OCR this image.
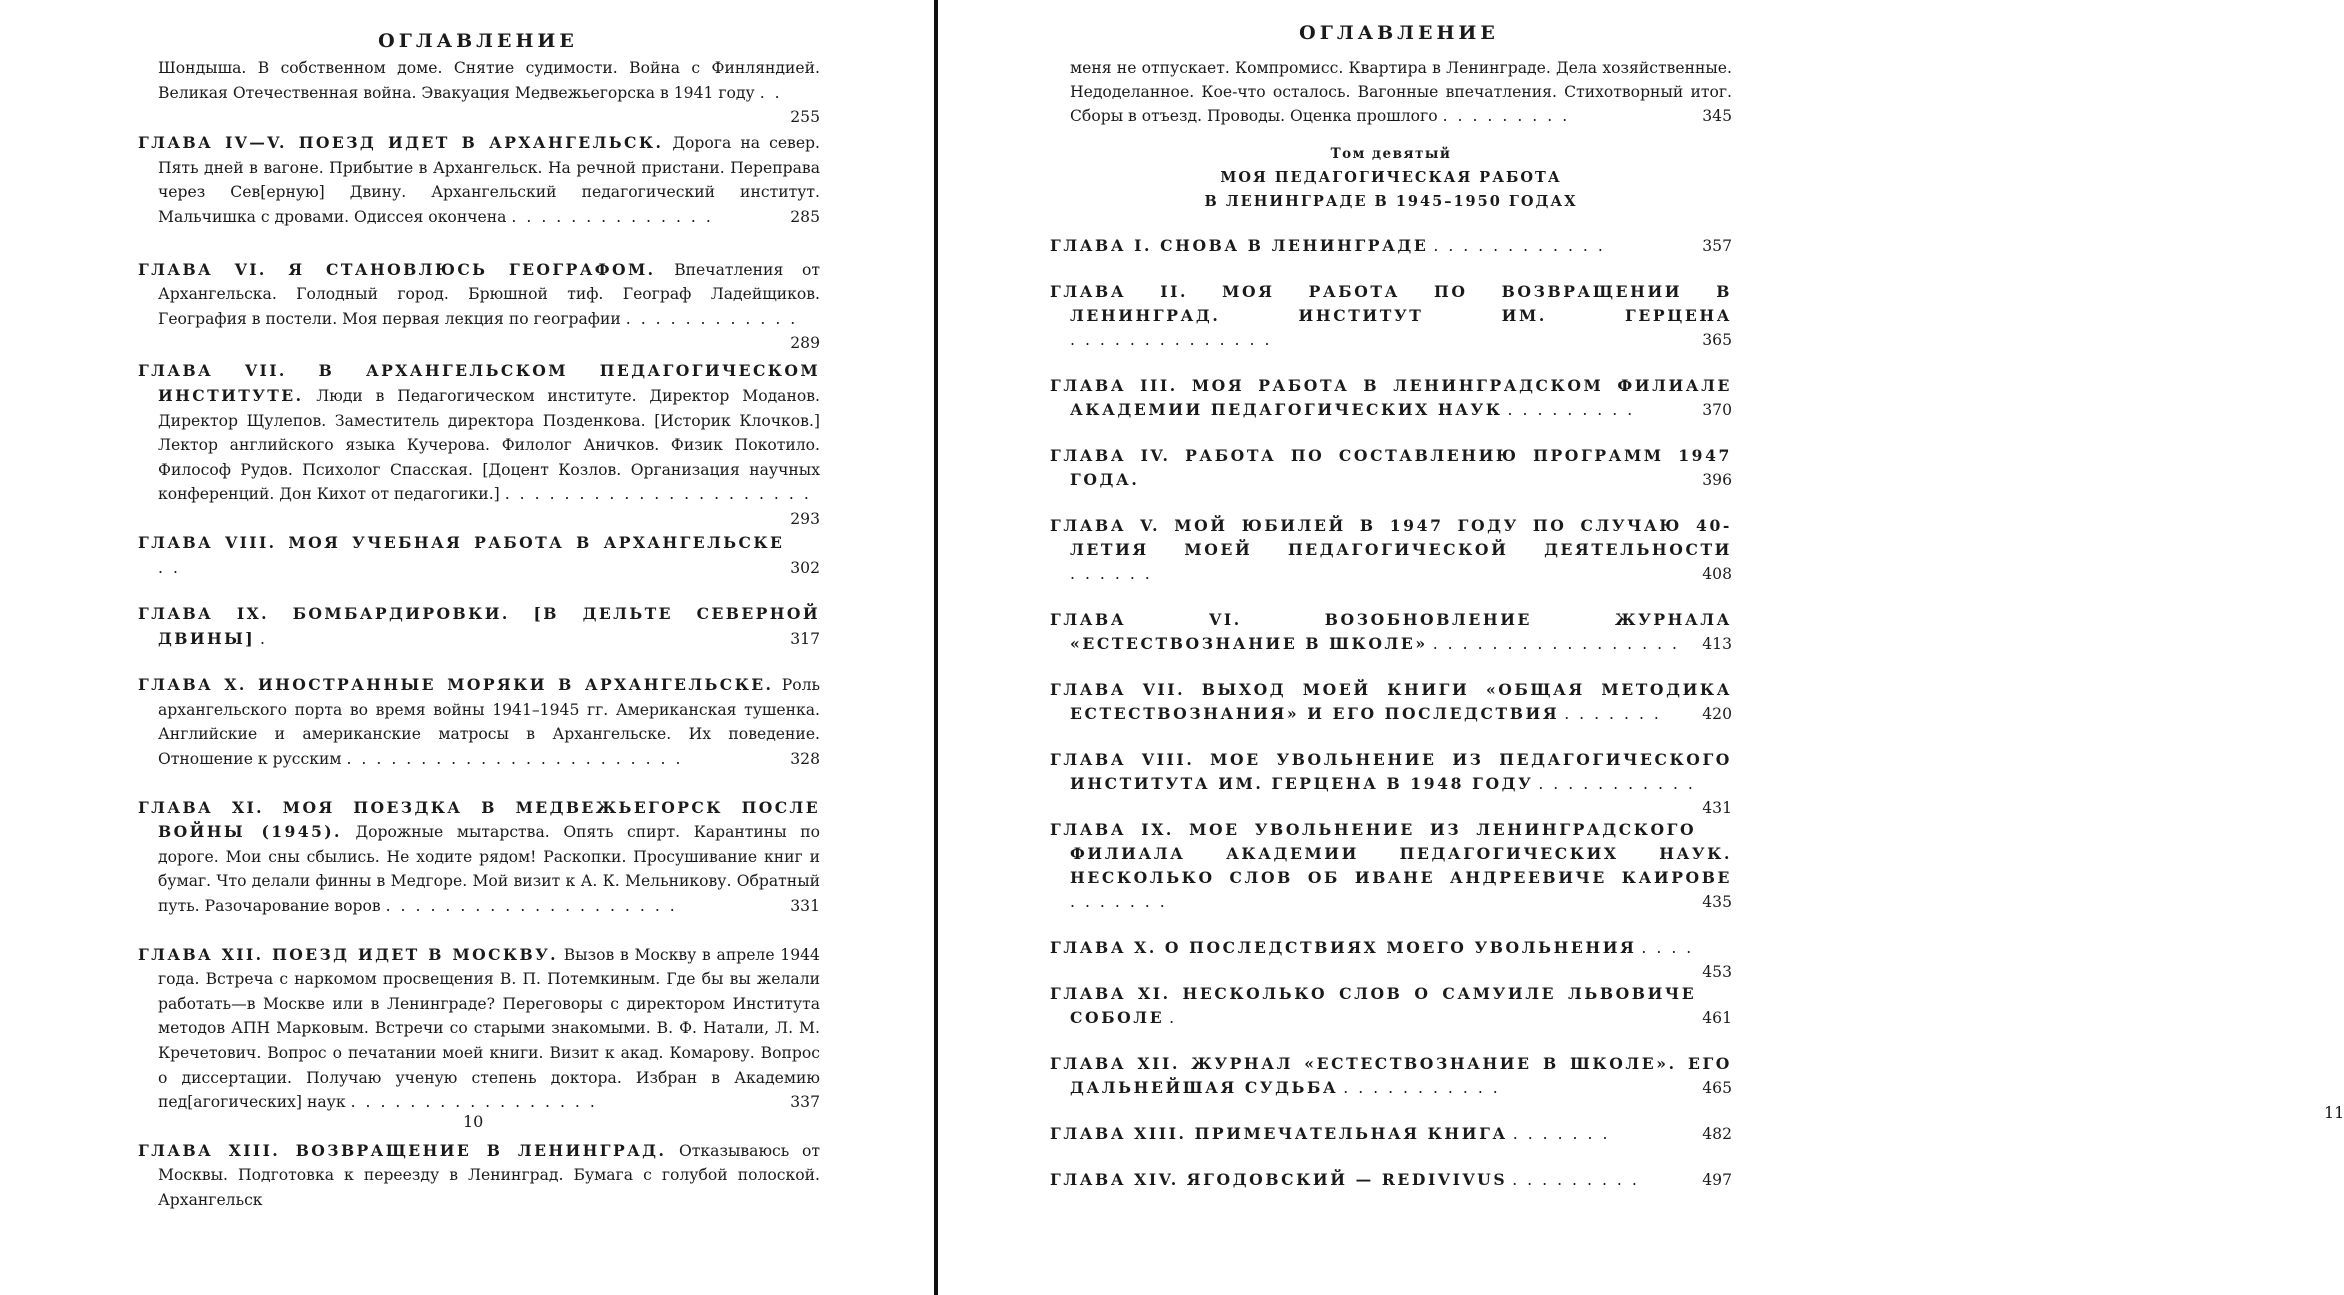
ОГЛАВЛЕНИЕ
Шондыша. В собственном доме. Снятие судимости. Война с Финляндией. Великая Отечественная война. Эвакуация Медвежьегорска в 1941 году ..
255
ГЛАВА IV—V. ПОЕЗД ИДЕТ В АРХАНГЕЛЬСК. Дорога на север. Пять дней в вагоне. Прибытие в Архангельск. На речной пристани. Переправа через Сев[ерную] Двину. Архангельский педагогический институт. Мальчишка с дровами. Одиссея окончена ..............	285
ГЛАВА VI. Я СТАНОВЛЮСЬ ГЕОГРАФОМ. Впечатления от Архангельска. Голодный город. Брюшной тиф. Географ Ладейщиков. География в постели. Моя первая лекция по географии ............
289
ГЛАВА VII. В АРХАНГЕЛЬСКОМ ПЕДАГОГИЧЕСКОМ ИНСТИТУТЕ. Люди в Педагогическом институте. Директор Моданов. Директор Щулепов. Заместитель директора Позденкова. [Историк Клочков.] Лектор английского языка Кучерова. Филолог Аничков. Физик Покотило. Философ Рудов. Психолог Спасская. [Доцент Козлов. Организация научных конференций. Дон Кихот от педагогики.] .....................
293
ГЛАВА VIII. МОЯ УЧЕБНАЯ РАБОТА В АРХАНГЕЛЬСКЕ ..	302
ГЛАВА IX. БОМБАРДИРОВКИ. [В ДЕЛЬТЕ СЕВЕРНОЙ ДВИНЫ] .	317
ГЛАВА X. ИНОСТРАННЫЕ МОРЯКИ В АРХАНГЕЛЬСКЕ. Роль архангельского порта во время войны 1941–1945 гг. Американская тушенка. Английские и американские матросы в Архангельске. Их поведение. Отношение к русским .......................	328
ГЛАВА XI. МОЯ ПОЕЗДКА В МЕДВЕЖЬЕГОРСК ПОСЛЕ ВОЙНЫ (1945). Дорожные мытарства. Опять спирт. Карантины по дороге. Мои сны сбылись. Не ходите рядом! Раскопки. Просушивание книг и бумаг. Что делали финны в Медгоре. Мой визит к А. К. Мельникову. Обратный путь. Разочарование воров ....................	331
ГЛАВА XII. ПОЕЗД ИДЕТ В МОСКВУ. Вызов в Москву в апреле 1944 года. Встреча с наркомом просвещения В. П. Потемкиным. Где бы вы желали работать—в Москве или в Ленинграде? Переговоры с директором Института методов АПН Марковым. Встречи со старыми знакомыми. В. Ф. Натали, Л. М. Кречетович. Вопрос о печатании моей книги. Визит к акад. Комарову. Вопрос о диссертации. Получаю ученую степень доктора. Избран в Академию пед[агогических] наук .................	337
ГЛАВА XIII. ВОЗВРАЩЕНИЕ В ЛЕНИНГРАД. Отказываюсь от Москвы. Подготовка к переезду в Ленинград. Бумага с голубой полоской. Архангельск
10
ОГЛАВЛЕНИЕ
11
меня не отпускает. Компромисс. Квартира в Ленинграде. Дела хозяйственные. Недоделанное. Кое-что осталось. Вагонные впечатления. Стихотворный итог. Сборы в отъезд. Проводы. Оценка прошлого .........	345
Том девятый
МОЯ ПЕДАГОГИЧЕСКАЯ РАБОТА
В ЛЕНИНГРАДЕ В 1945–1950 ГОДАХ
ГЛАВА I. СНОВА В ЛЕНИНГРАДЕ ............	357
ГЛАВА II. МОЯ РАБОТА ПО ВОЗВРАЩЕНИИ В ЛЕНИНГРАД. ИНСТИТУТ ИМ. ГЕРЦЕНА ..............	365
ГЛАВА III. МОЯ РАБОТА В ЛЕНИНГРАДСКОМ ФИЛИАЛЕ АКАДЕМИИ ПЕДАГОГИЧЕСКИХ НАУК .........	370
ГЛАВА IV. РАБОТА ПО СОСТАВЛЕНИЮ ПРОГРАММ 1947 ГОДА.	396
ГЛАВА V. МОЙ ЮБИЛЕЙ В 1947 ГОДУ ПО СЛУЧАЮ 40-ЛЕТИЯ МОЕЙ ПЕДАГОГИЧЕСКОЙ ДЕЯТЕЛЬНОСТИ ......	408
ГЛАВА VI. ВОЗОБНОВЛЕНИЕ ЖУРНАЛА «ЕСТЕСТВОЗНАНИЕ В ШКОЛЕ» ................. 413
ГЛАВА VII. ВЫХОД МОЕЙ КНИГИ «ОБЩАЯ МЕТОДИКА ЕСТЕСТВОЗНАНИЯ» И ЕГО ПОСЛЕДСТВИЯ .......	420
ГЛАВА VIII. МОЕ УВОЛЬНЕНИЕ ИЗ ПЕДАГОГИЧЕСКОГО ИНСТИТУТА ИМ. ГЕРЦЕНА В 1948 ГОДУ ...........
431
ГЛАВА IX. МОЕ УВОЛЬНЕНИЕ ИЗ ЛЕНИНГРАДСКОГО ФИЛИАЛА АКАДЕМИИ ПЕДАГОГИЧЕСКИХ НАУК. НЕСКОЛЬКО СЛОВ ОБ ИВАНЕ АНДРЕЕВИЧЕ КАИРОВЕ .......	435
ГЛАВА X. О ПОСЛЕДСТВИЯХ МОЕГО УВОЛЬНЕНИЯ ....
453
ГЛАВА XI. НЕСКОЛЬКО СЛОВ О САМУИЛЕ ЛЬВОВИЧЕ СОБОЛЕ .	461
ГЛАВА XII. ЖУРНАЛ «ЕСТЕСТВОЗНАНИЕ В ШКОЛЕ». ЕГО ДАЛЬНЕЙШАЯ СУДЬБА ...........	465
ГЛАВА XIII. ПРИМЕЧАТЕЛЬНАЯ КНИГА .......	482
ГЛАВА XIV. ЯГОДОВСКИЙ — REDIVIVUS .........	497
